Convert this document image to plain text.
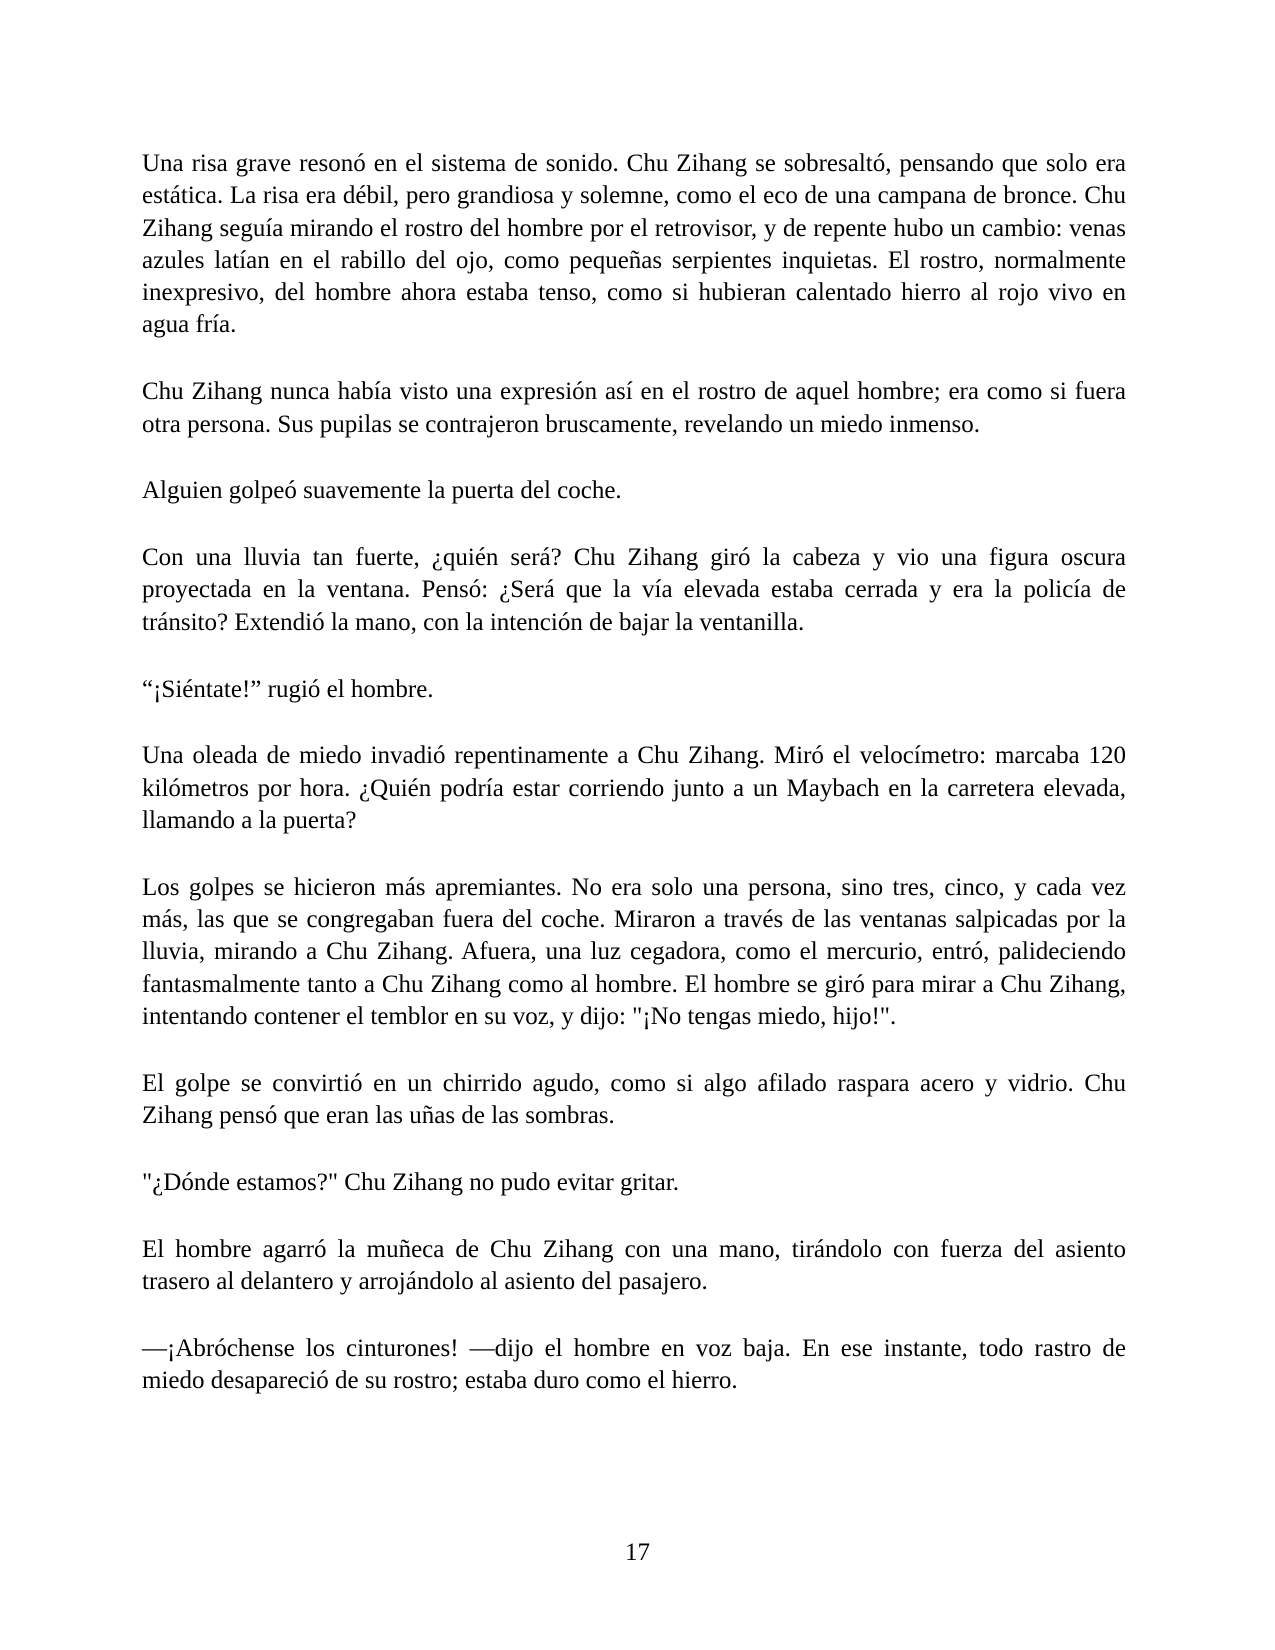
Una risa grave resonó en el sistema de sonido. Chu Zihang se sobresaltó, pensando que solo era estática. La risa era débil, pero grandiosa y solemne, como el eco de una campana de bronce. Chu Zihang seguía mirando el rostro del hombre por el retrovisor, y de repente hubo un cambio: venas azules latían en el rabillo del ojo, como pequeñas serpientes inquietas. El rostro, normalmente inexpresivo, del hombre ahora estaba tenso, como si hubieran calentado hierro al rojo vivo en agua fría.

Chu Zihang nunca había visto una expresión así en el rostro de aquel hombre; era como si fuera otra persona. Sus pupilas se contrajeron bruscamente, revelando un miedo inmenso.

Alguien golpeó suavemente la puerta del coche.

Con una lluvia tan fuerte, ¿quién será? Chu Zihang giró la cabeza y vio una figura oscura proyectada en la ventana. Pensó: ¿Será que la vía elevada estaba cerrada y era la policía de tránsito? Extendió la mano, con la intención de bajar la ventanilla.

“¡Siéntate!” rugió el hombre.

Una oleada de miedo invadió repentinamente a Chu Zihang. Miró el velocímetro: marcaba 120 kilómetros por hora. ¿Quién podría estar corriendo junto a un Maybach en la carretera elevada, llamando a la puerta?

Los golpes se hicieron más apremiantes. No era solo una persona, sino tres, cinco, y cada vez más, las que se congregaban fuera del coche. Miraron a través de las ventanas salpicadas por la lluvia, mirando a Chu Zihang. Afuera, una luz cegadora, como el mercurio, entró, palideciendo fantasmalmente tanto a Chu Zihang como al hombre. El hombre se giró para mirar a Chu Zihang, intentando contener el temblor en su voz, y dijo: "¡No tengas miedo, hijo!".

El golpe se convirtió en un chirrido agudo, como si algo afilado raspara acero y vidrio. Chu Zihang pensó que eran las uñas de las sombras.

"¿Dónde estamos?" Chu Zihang no pudo evitar gritar.

El hombre agarró la muñeca de Chu Zihang con una mano, tirándolo con fuerza del asiento trasero al delantero y arrojándolo al asiento del pasajero.

—¡Abróchense los cinturones! —dijo el hombre en voz baja. En ese instante, todo rastro de miedo desapareció de su rostro; estaba duro como el hierro.

17
